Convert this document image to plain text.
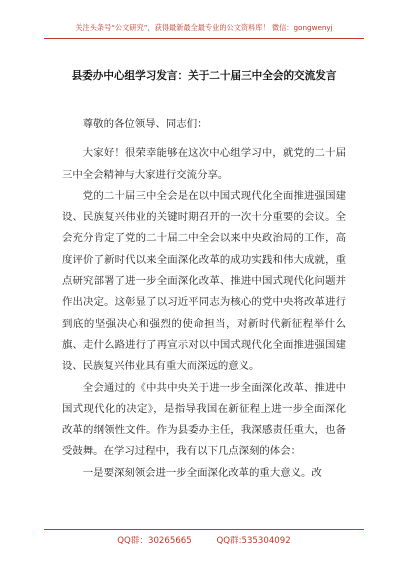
关注头条号“公文研究”，获得最新最全最专业的公文资料库！ 微信：gongwenyj
县委办中心组学习发言：关于二十届三中全会的交流发言

尊敬的各位领导、同志们：

大家好！很荣幸能够在这次中心组学习中，就党的二十届三中全会精神与大家进行交流分享。

党的二十届三中全会是在以中国式现代化全面推进强国建设、民族复兴伟业的关键时期召开的一次十分重要的会议。全会充分肯定了党的二十届二中全会以来中央政治局的工作，高度评价了新时代以来全面深化改革的成功实践和伟大成就，重点研究部署了进一步全面深化改革、推进中国式现代化问题并作出决定。这彰显了以习近平同志为核心的党中央将改革进行到底的坚强决心和强烈的使命担当，对新时代新征程举什么旗、走什么路进行了再宣示对以中国式现代化全面推进强国建设、民族复兴伟业具有重大而深远的意义。

全会通过的《中共中央关于进一步全面深化改革、推进中国式现代化的决定》，是指导我国在新征程上进一步全面深化改革的纲领性文件。作为县委办主任，我深感责任重大，也备受鼓舞。在学习过程中，我有以下几点深刻的体会：

一是要深刻领会进一步全面深化改革的重大意义。改

QQ群：30265665	QQ群:535304092
